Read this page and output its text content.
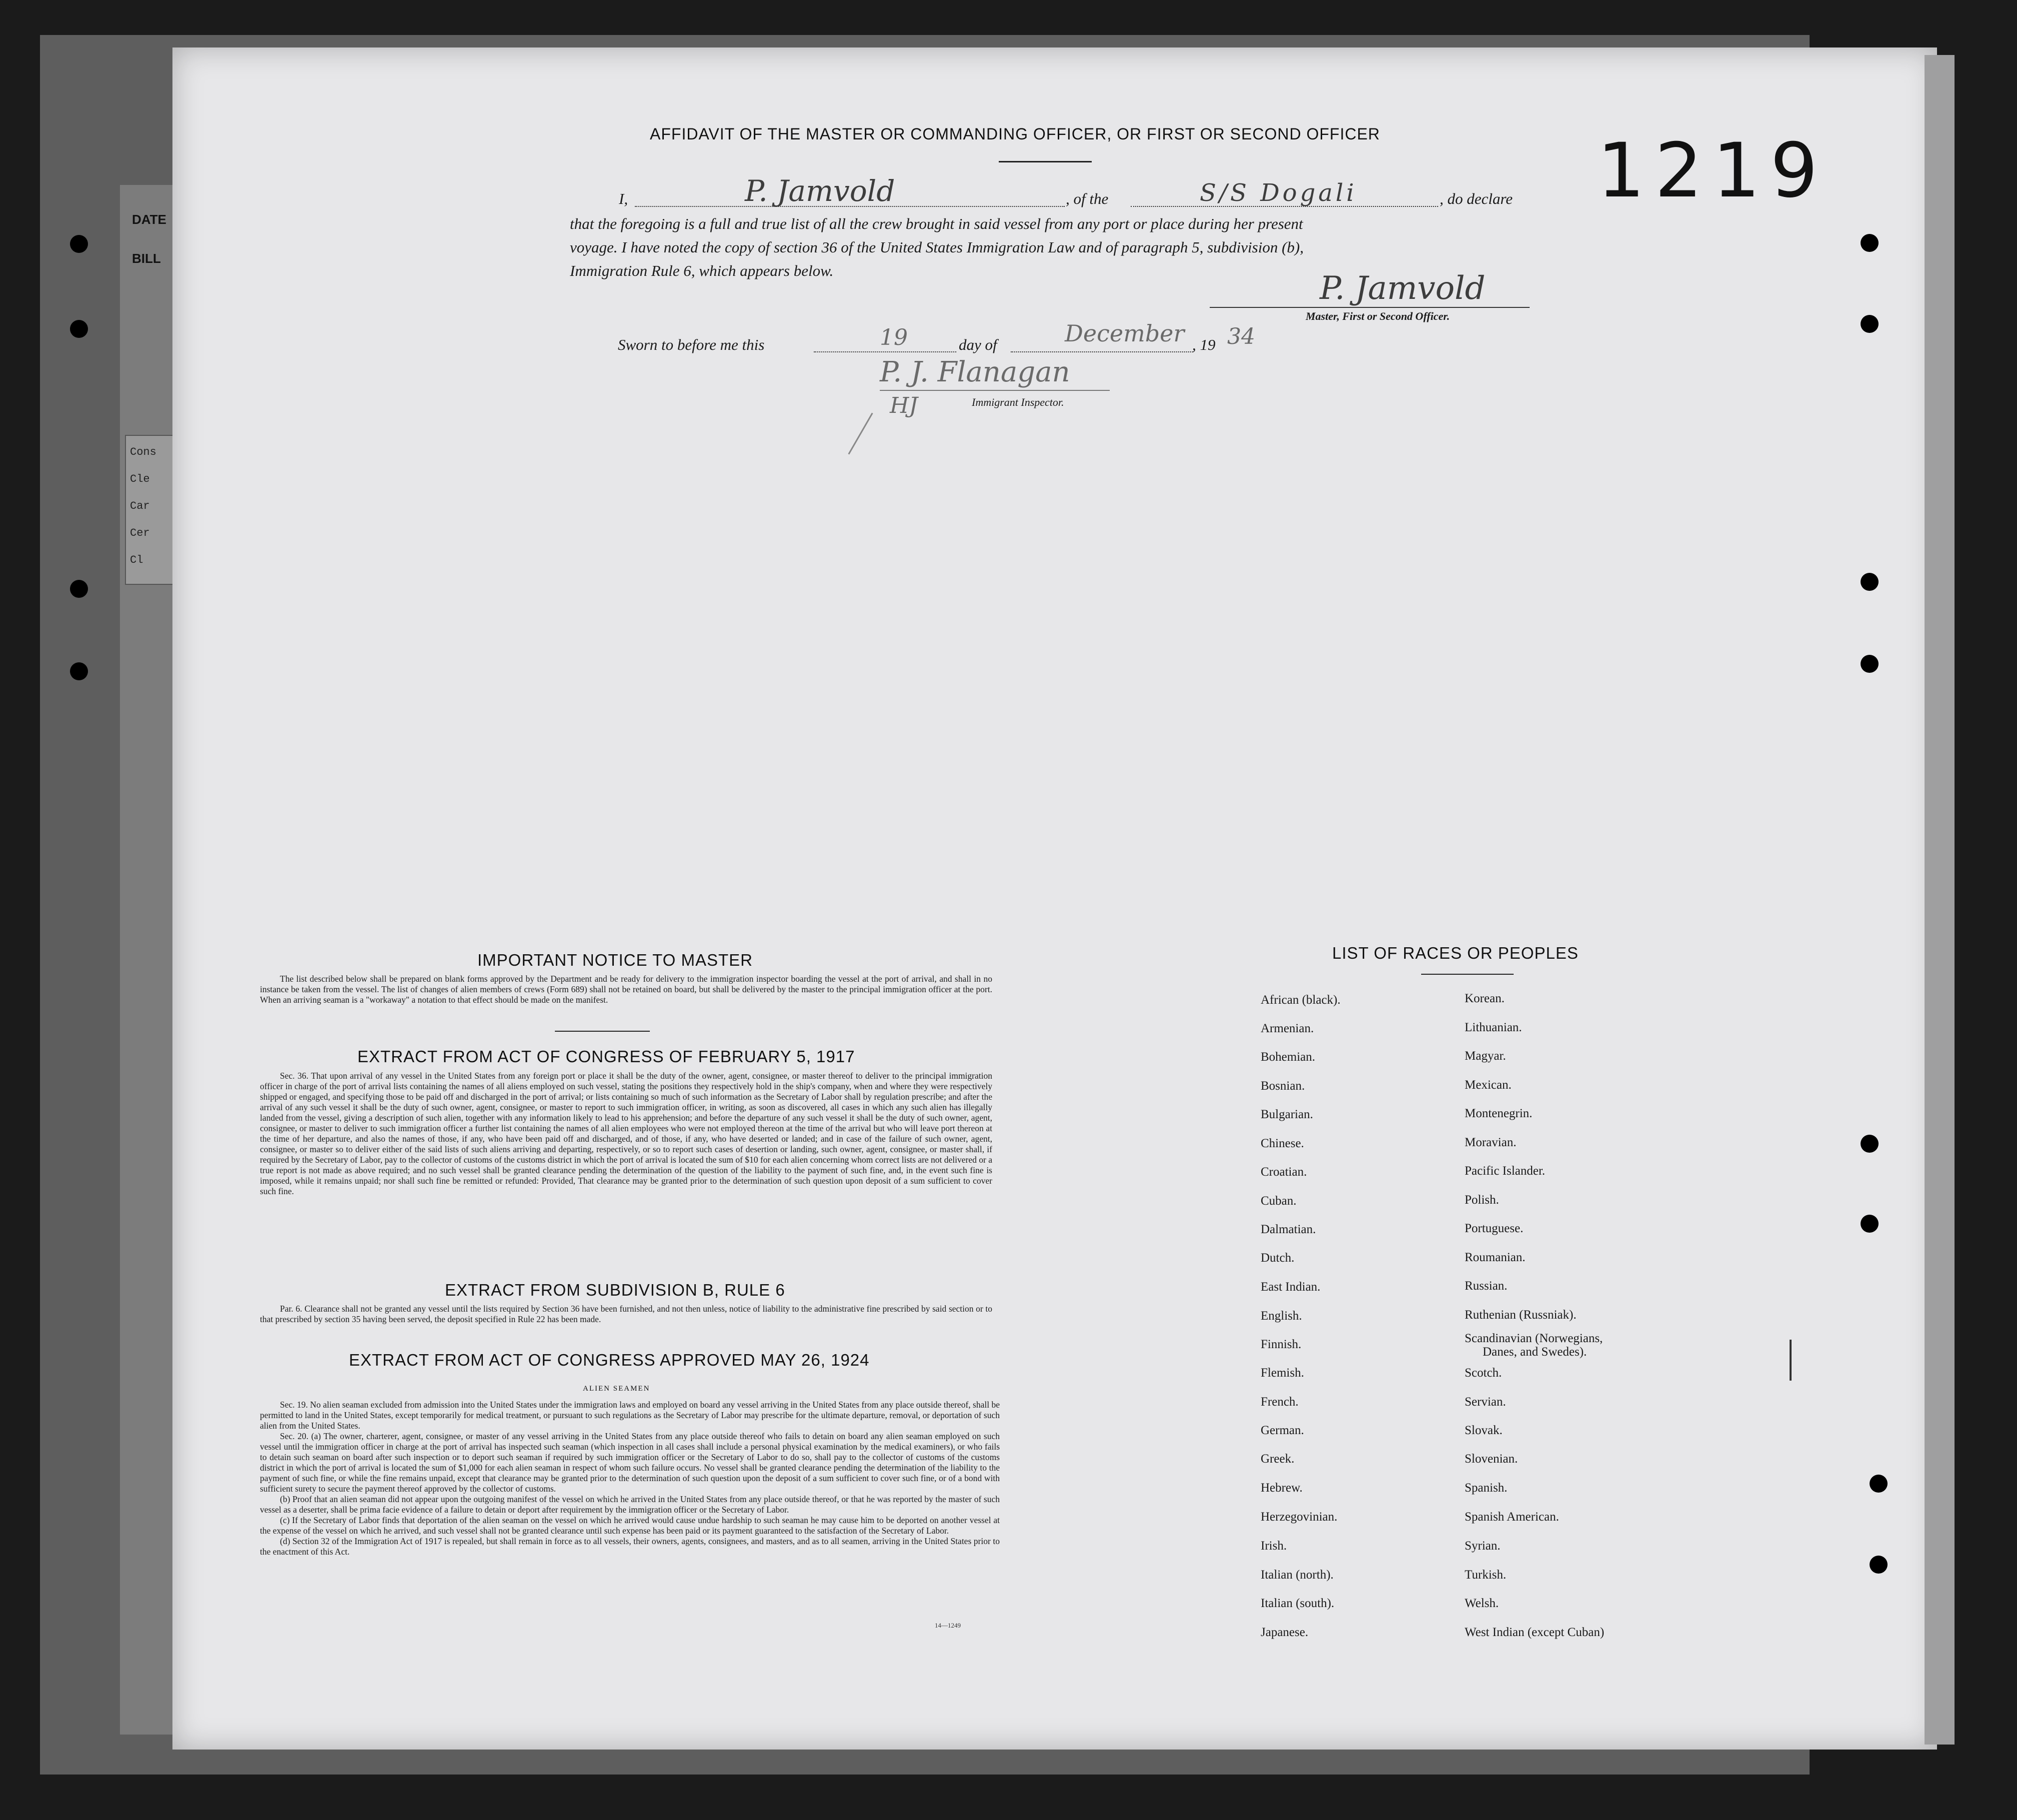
DATE
BILL
Cons
Cle
Car
Cer
Cl
AFFIDAVIT OF THE MASTER OR COMMANDING OFFICER, OR FIRST OR SECOND OFFICER
I,	P. Jamvold	, of the	S/S Dogali	, do declare
that the foregoing is a full and true list of all the crew brought in said vessel from any port or place during her present
voyage. I have noted the copy of section 36 of the United States Immigration Law and of paragraph 5, subdivision (b),
Immigration Rule 6, which appears below.	P. Jamvold
Master, First or Second Officer.
Sworn to before me this	19	day of	December , 19 34
P. J. Flanagan
HJ	Immigrant Inspector.
1219
IMPORTANT NOTICE TO MASTER

The list described below shall be prepared on blank forms approved by the Department and be ready for delivery to the immigration inspector boarding the vessel at the port of arrival, and shall in no instance be taken from the vessel. The list of changes of alien members of crews (Form 689) shall not be retained on board, but shall be delivered by the master to the principal immigration officer at the port. When an arriving seaman is a "workaway" a notation to that effect should be made on the manifest.

EXTRACT FROM ACT OF CONGRESS OF FEBRUARY 5, 1917

Sec. 36. That upon arrival of any vessel in the United States from any foreign port or place it shall be the duty of the owner, agent, consignee, or master thereof to deliver to the principal immigration officer in charge of the port of arrival lists containing the names of all aliens employed on such vessel, stating the positions they respectively hold in the ship's company, when and where they were respectively shipped or engaged, and specifying those to be paid off and discharged in the port of arrival; or lists containing so much of such information as the Secretary of Labor shall by regulation prescribe; and after the arrival of any such vessel it shall be the duty of such owner, agent, consignee, or master to report to such immigration officer, in writing, as soon as discovered, all cases in which any such alien has illegally landed from the vessel, giving a description of such alien, together with any information likely to lead to his apprehension; and before the departure of any such vessel it shall be the duty of such owner, agent, consignee, or master to deliver to such immigration officer a further list containing the names of all alien employees who were not employed thereon at the time of the arrival but who will leave port thereon at the time of her departure, and also the names of those, if any, who have been paid off and discharged, and of those, if any, who have deserted or landed; and in case of the failure of such owner, agent, consignee, or master so to deliver either of the said lists of such aliens arriving and departing, respectively, or so to report such cases of desertion or landing, such owner, agent, consignee, or master shall, if required by the Secretary of Labor, pay to the collector of customs of the customs district in which the port of arrival is located the sum of $10 for each alien concerning whom correct lists are not delivered or a true report is not made as above required; and no such vessel shall be granted clearance pending the determination of the question of the liability to the payment of such fine, and, in the event such fine is imposed, while it remains unpaid; nor shall such fine be remitted or refunded: Provided, That clearance may be granted prior to the determination of such question upon deposit of a sum sufficient to cover such fine.

EXTRACT FROM SUBDIVISION B, RULE 6

Par. 6. Clearance shall not be granted any vessel until the lists required by Section 36 have been furnished, and not then unless, notice of liability to the administrative fine prescribed by said section or to that prescribed by section 35 having been served, the deposit specified in Rule 22 has been made.

EXTRACT FROM ACT OF CONGRESS APPROVED MAY 26, 1924
ALIEN SEAMEN

Sec. 19. No alien seaman excluded from admission into the United States under the immigration laws and employed on board any vessel arriving in the United States from any place outside thereof, shall be permitted to land in the United States, except temporarily for medical treatment, or pursuant to such regulations as the Secretary of Labor may prescribe for the ultimate departure, removal, or deportation of such alien from the United States.

Sec. 20. (a) The owner, charterer, agent, consignee, or master of any vessel arriving in the United States from any place outside thereof who fails to detain on board any alien seaman employed on such vessel until the immigration officer in charge at the port of arrival has inspected such seaman (which inspection in all cases shall include a personal physical examination by the medical examiners), or who fails to detain such seaman on board after such inspection or to deport such seaman if required by such immigration officer or the Secretary of Labor to do so, shall pay to the collector of customs of the customs district in which the port of arrival is located the sum of $1,000 for each alien seaman in respect of whom such failure occurs. No vessel shall be granted clearance pending the determination of the liability to the payment of such fine, or while the fine remains unpaid, except that clearance may be granted prior to the determination of such question upon the deposit of a sum sufficient to cover such fine, or of a bond with sufficient surety to secure the payment thereof approved by the collector of customs.

(b) Proof that an alien seaman did not appear upon the outgoing manifest of the vessel on which he arrived in the United States from any place outside thereof, or that he was reported by the master of such vessel as a deserter, shall be prima facie evidence of a failure to detain or deport after requirement by the immigration officer or the Secretary of Labor.

(c) If the Secretary of Labor finds that deportation of the alien seaman on the vessel on which he arrived would cause undue hardship to such seaman he may cause him to be deported on another vessel at the expense of the vessel on which he arrived, and such vessel shall not be granted clearance until such expense has been paid or its payment guaranteed to the satisfaction of the Secretary of Labor.

(d) Section 32 of the Immigration Act of 1917 is repealed, but shall remain in force as to all vessels, their owners, agents, consignees, and masters, and as to all seamen, arriving in the United States prior to the enactment of this Act.

14—1249
LIST OF RACES OR PEOPLES
African (black).
Armenian.
Bohemian.
Bosnian.
Bulgarian.
Chinese.
Croatian.
Cuban.
Dalmatian.
Dutch.
East Indian.
English.
Finnish.
Flemish.
French.
German.
Greek.
Hebrew.
Herzegovinian.
Irish.
Italian (north).
Italian (south).
Japanese.
Korean.
Lithuanian.
Magyar.
Mexican.
Montenegrin.
Moravian.
Pacific Islander.
Polish.
Portuguese.
Roumanian.
Russian.
Ruthenian (Russniak).
Scandinavian (Norwegians,
Danes, and Swedes).
Scotch.
Servian.
Slovak.
Slovenian.
Spanish.
Spanish American.
Syrian.
Turkish.
Welsh.
West Indian (except Cuban)
